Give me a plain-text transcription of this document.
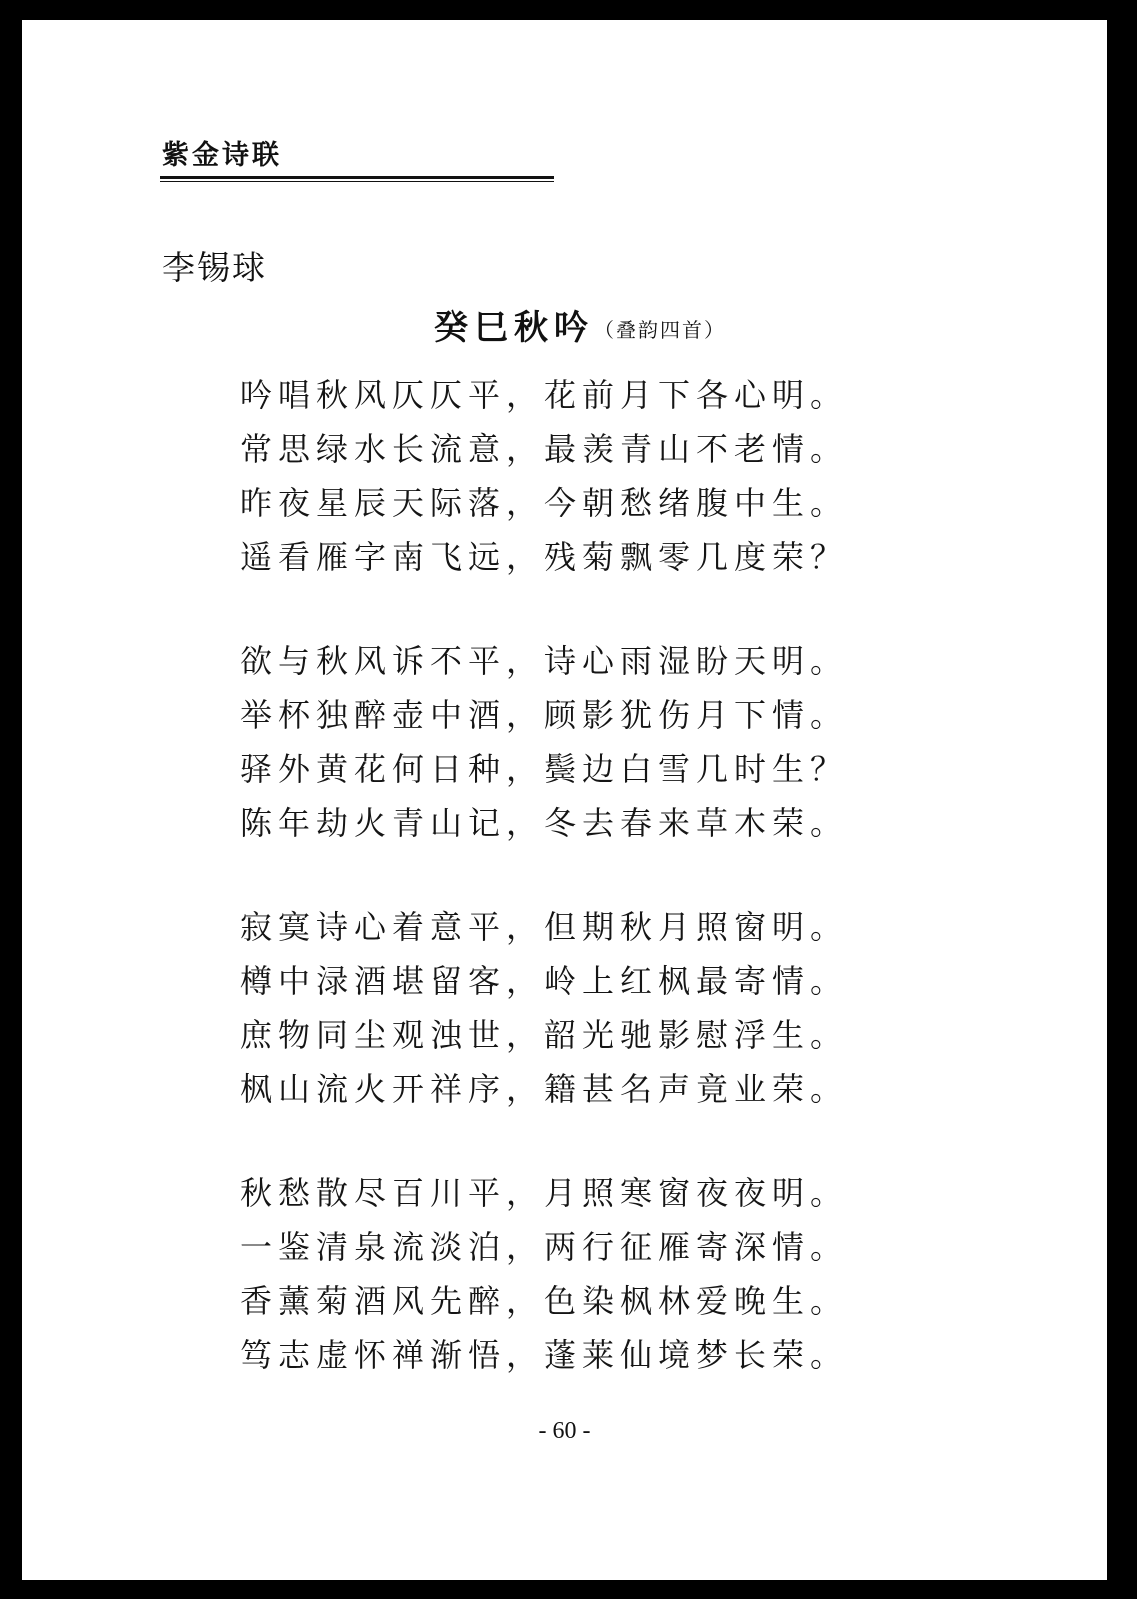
紫金诗联
李锡球
癸巳秋吟（叠韵四首）
吟唱秋风仄仄平，花前月下各心明。
常思绿水长流意，最羡青山不老情。
昨夜星辰天际落，今朝愁绪腹中生。
遥看雁字南飞远，残菊飘零几度荣？
欲与秋风诉不平，诗心雨湿盼天明。
举杯独醉壶中酒，顾影犹伤月下情。
驿外黄花何日种，鬓边白雪几时生？
陈年劫火青山记，冬去春来草木荣。
寂寞诗心着意平，但期秋月照窗明。
樽中渌酒堪留客，岭上红枫最寄情。
庶物同尘观浊世，韶光驰影慰浮生。
枫山流火开祥序，籍甚名声竟业荣。
秋愁散尽百川平，月照寒窗夜夜明。
一鉴清泉流淡泊，两行征雁寄深情。
香薰菊酒风先醉，色染枫林爱晚生。
笃志虚怀禅渐悟，蓬莱仙境梦长荣。
- 60 -
